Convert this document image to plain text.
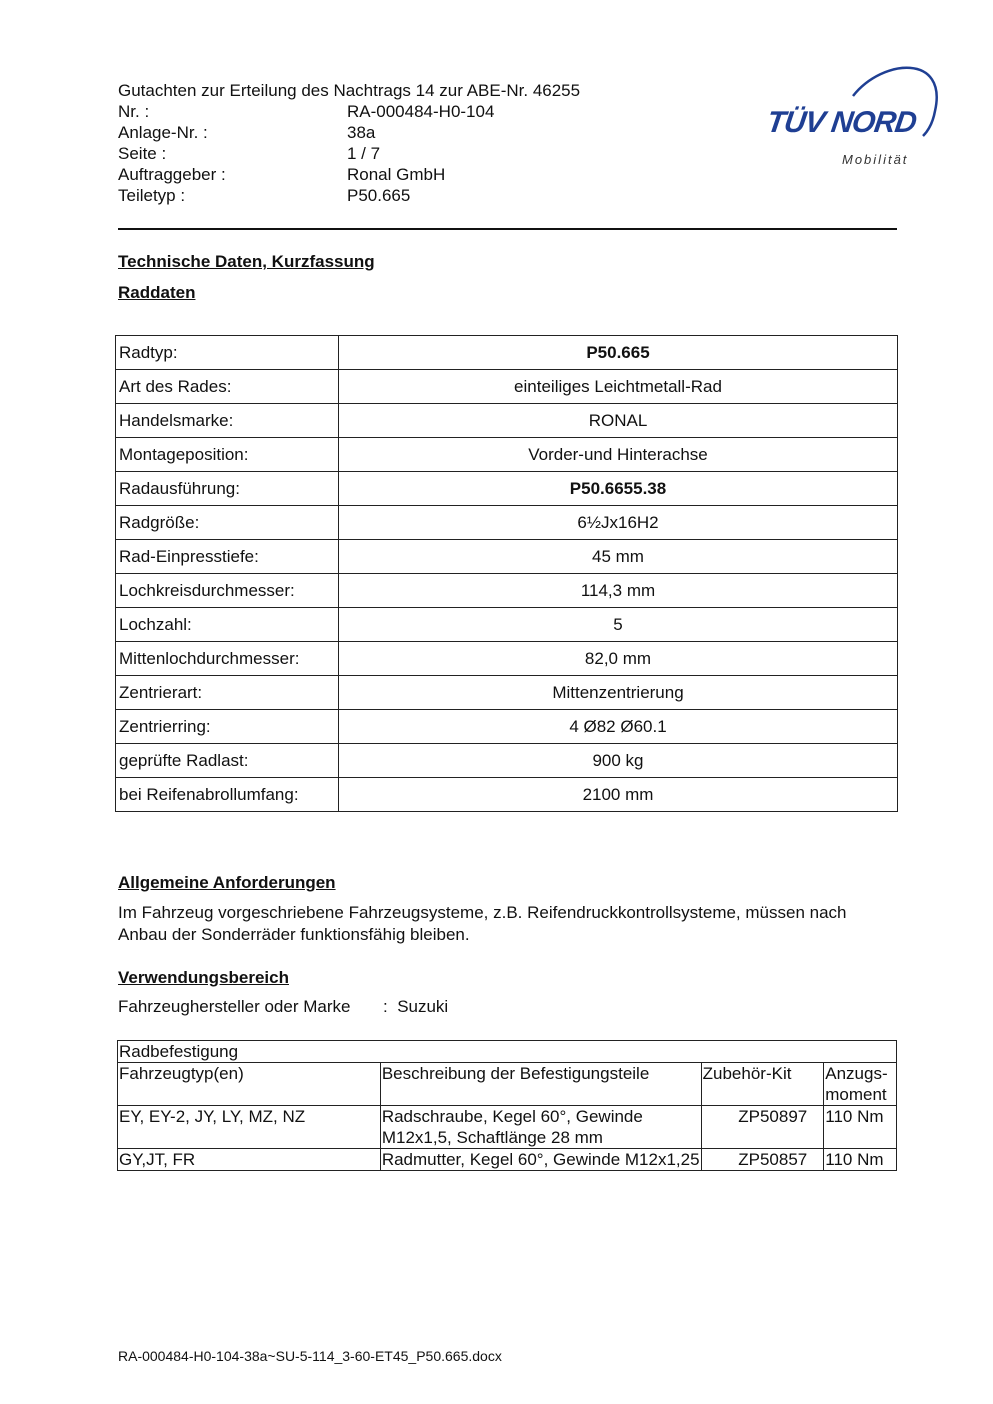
Gutachten zur Erteilung des Nachtrags 14 zur ABE-Nr. 46255
Nr. :	RA-000484-H0-104
Anlage-Nr. :	38a
Seite :	1 / 7
Auftraggeber :	Ronal GmbH
Teiletyp :	P50.665
TÜV NORD
Mobilität
Technische Daten, Kurzfassung
Raddaten
Radtyp:	P50.665
Art des Rades:	einteiliges Leichtmetall-Rad
Handelsmarke:	RONAL
Montageposition:	Vorder-und Hinterachse
Radausführung:	P50.6655.38
Radgröße:	6½Jx16H2
Rad-Einpresstiefe:	45 mm
Lochkreisdurchmesser:	114,3 mm
Lochzahl:	5
Mittenlochdurchmesser:	82,0 mm
Zentrierart:	Mittenzentrierung
Zentrierring:	4 Ø82 Ø60.1
geprüfte Radlast:	900 kg
bei Reifenabrollumfang:	2100 mm
Allgemeine Anforderungen
Im Fahrzeug vorgeschriebene Fahrzeugsysteme, z.B. Reifendruckkontrollsysteme, müssen nach Anbau der Sonderräder funktionsfähig bleiben.
Verwendungsbereich
Fahrzeughersteller oder Marke : Suzuki
Radbefestigung			
Fahrzeugtyp(en)	Beschreibung der Befestigungsteile	Zubehör-Kit	Anzugs-moment
EY, EY-2, JY, LY, MZ, NZ	Radschraube, Kegel 60°, Gewinde M12x1,5, Schaftlänge 28 mm	ZP50897	110 Nm
GY,JT, FR	Radmutter, Kegel 60°, Gewinde M12x1,25	ZP50857	110 Nm
RA-000484-H0-104-38a~SU-5-114_3-60-ET45_P50.665.docx
